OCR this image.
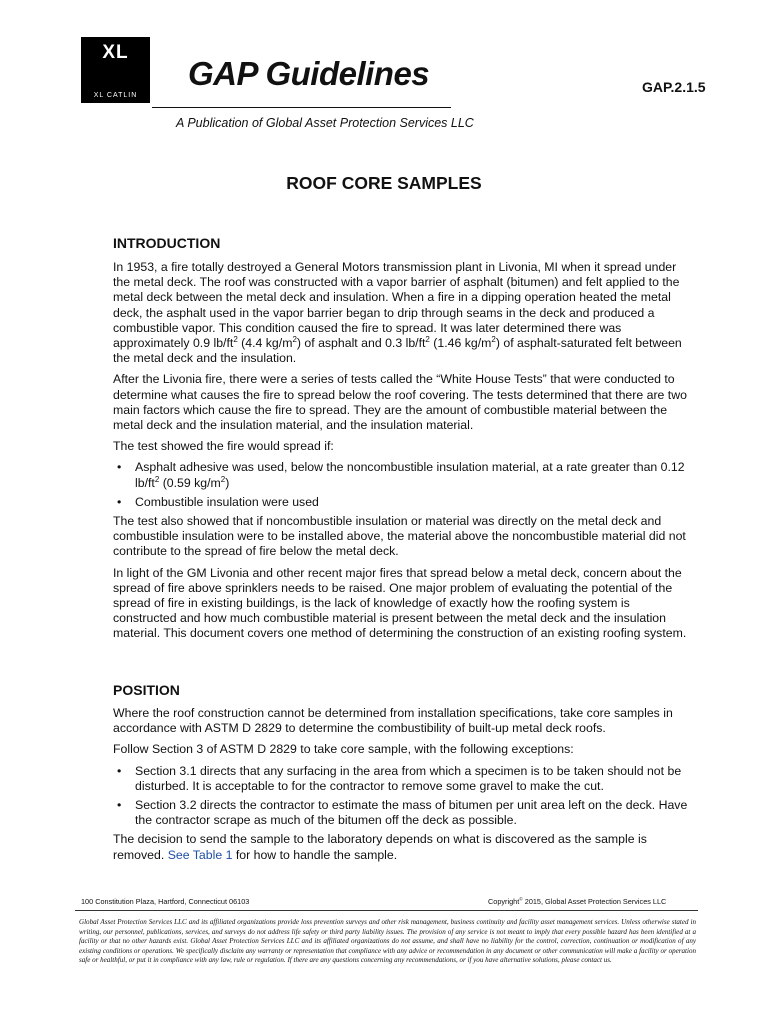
XL
XL CATLIN
GAP Guidelines	GAP.2.1.5
A Publication of Global Asset Protection Services LLC
ROOF CORE SAMPLES
INTRODUCTION

In 1953, a fire totally destroyed a General Motors transmission plant in Livonia, MI when it spread under the metal deck. The roof was constructed with a vapor barrier of asphalt (bitumen) and felt applied to the metal deck between the metal deck and insulation. When a fire in a dipping operation heated the metal deck, the asphalt used in the vapor barrier began to drip through seams in the deck and produced a combustible vapor. This condition caused the fire to spread. It was later determined there was approximately 0.9 $lb/ft^2$ (4.4 $kg/m^2$) of asphalt and 0.3 $lb/ft^2$ (1.46 $kg/m^2$) of asphalt-saturated felt between the metal deck and the insulation.

After the Livonia fire, there were a series of tests called the “White House Tests” that were conducted to determine what causes the fire to spread below the roof covering. The tests determined that there are two main factors which cause the fire to spread. They are the amount of combustible material between the metal deck and the insulation material, and the insulation material.

The test showed the fire would spread if:

• Asphalt adhesive was used, below the noncombustible insulation material, at a rate greater than 0.12 $lb/ft^2$ (0.59 $kg/m^2$)
• Combustible insulation were used

The test also showed that if noncombustible insulation or material was directly on the metal deck and combustible insulation were to be installed above, the material above the noncombustible material did not contribute to the spread of fire below the metal deck.

In light of the GM Livonia and other recent major fires that spread below a metal deck, concern about the spread of fire above sprinklers needs to be raised. One major problem of evaluating the potential of the spread of fire in existing buildings, is the lack of knowledge of exactly how the roofing system is constructed and how much combustible material is present between the metal deck and the insulation material. This document covers one method of determining the construction of an existing roofing system.

POSITION

Where the roof construction cannot be determined from installation specifications, take core samples in accordance with ASTM D 2829 to determine the combustibility of built-up metal deck roofs.

Follow Section 3 of ASTM D 2829 to take core sample, with the following exceptions:

• Section 3.1 directs that any surfacing in the area from which a specimen is to be taken should not be disturbed. It is acceptable to for the contractor to remove some gravel to make the cut.
• Section 3.2 directs the contractor to estimate the mass of bitumen per unit area left on the deck. Have the contractor scrape as much of the bitumen off the deck as possible.

The decision to send the sample to the laboratory depends on what is discovered as the sample is removed. See Table 1 for how to handle the sample.

100 Constitution Plaza, Hartford, Connecticut 06103	Copyright© 2015, Global Asset Protection Services LLC
Global Asset Protection Services LLC and its affiliated organizations provide loss prevention surveys and other risk management, business continuity and facility asset management services. Unless otherwise stated in writing, our personnel, publications, services, and surveys do not address life safety or third party liability issues. The provision of any service is not meant to imply that every possible hazard has been identified at a facility or that no other hazards exist. Global Asset Protection Services LLC and its affiliated organizations do not assume, and shall have no liability for the control, correction, continuation or modification of any existing conditions or operations. We specifically disclaim any warranty or representation that compliance with any advice or recommendation in any document or other communication will make a facility or operation safe or healthful, or put it in compliance with any law, rule or regulation. If there are any questions concerning any recommendations, or if you have alternative solutions, please contact us.
